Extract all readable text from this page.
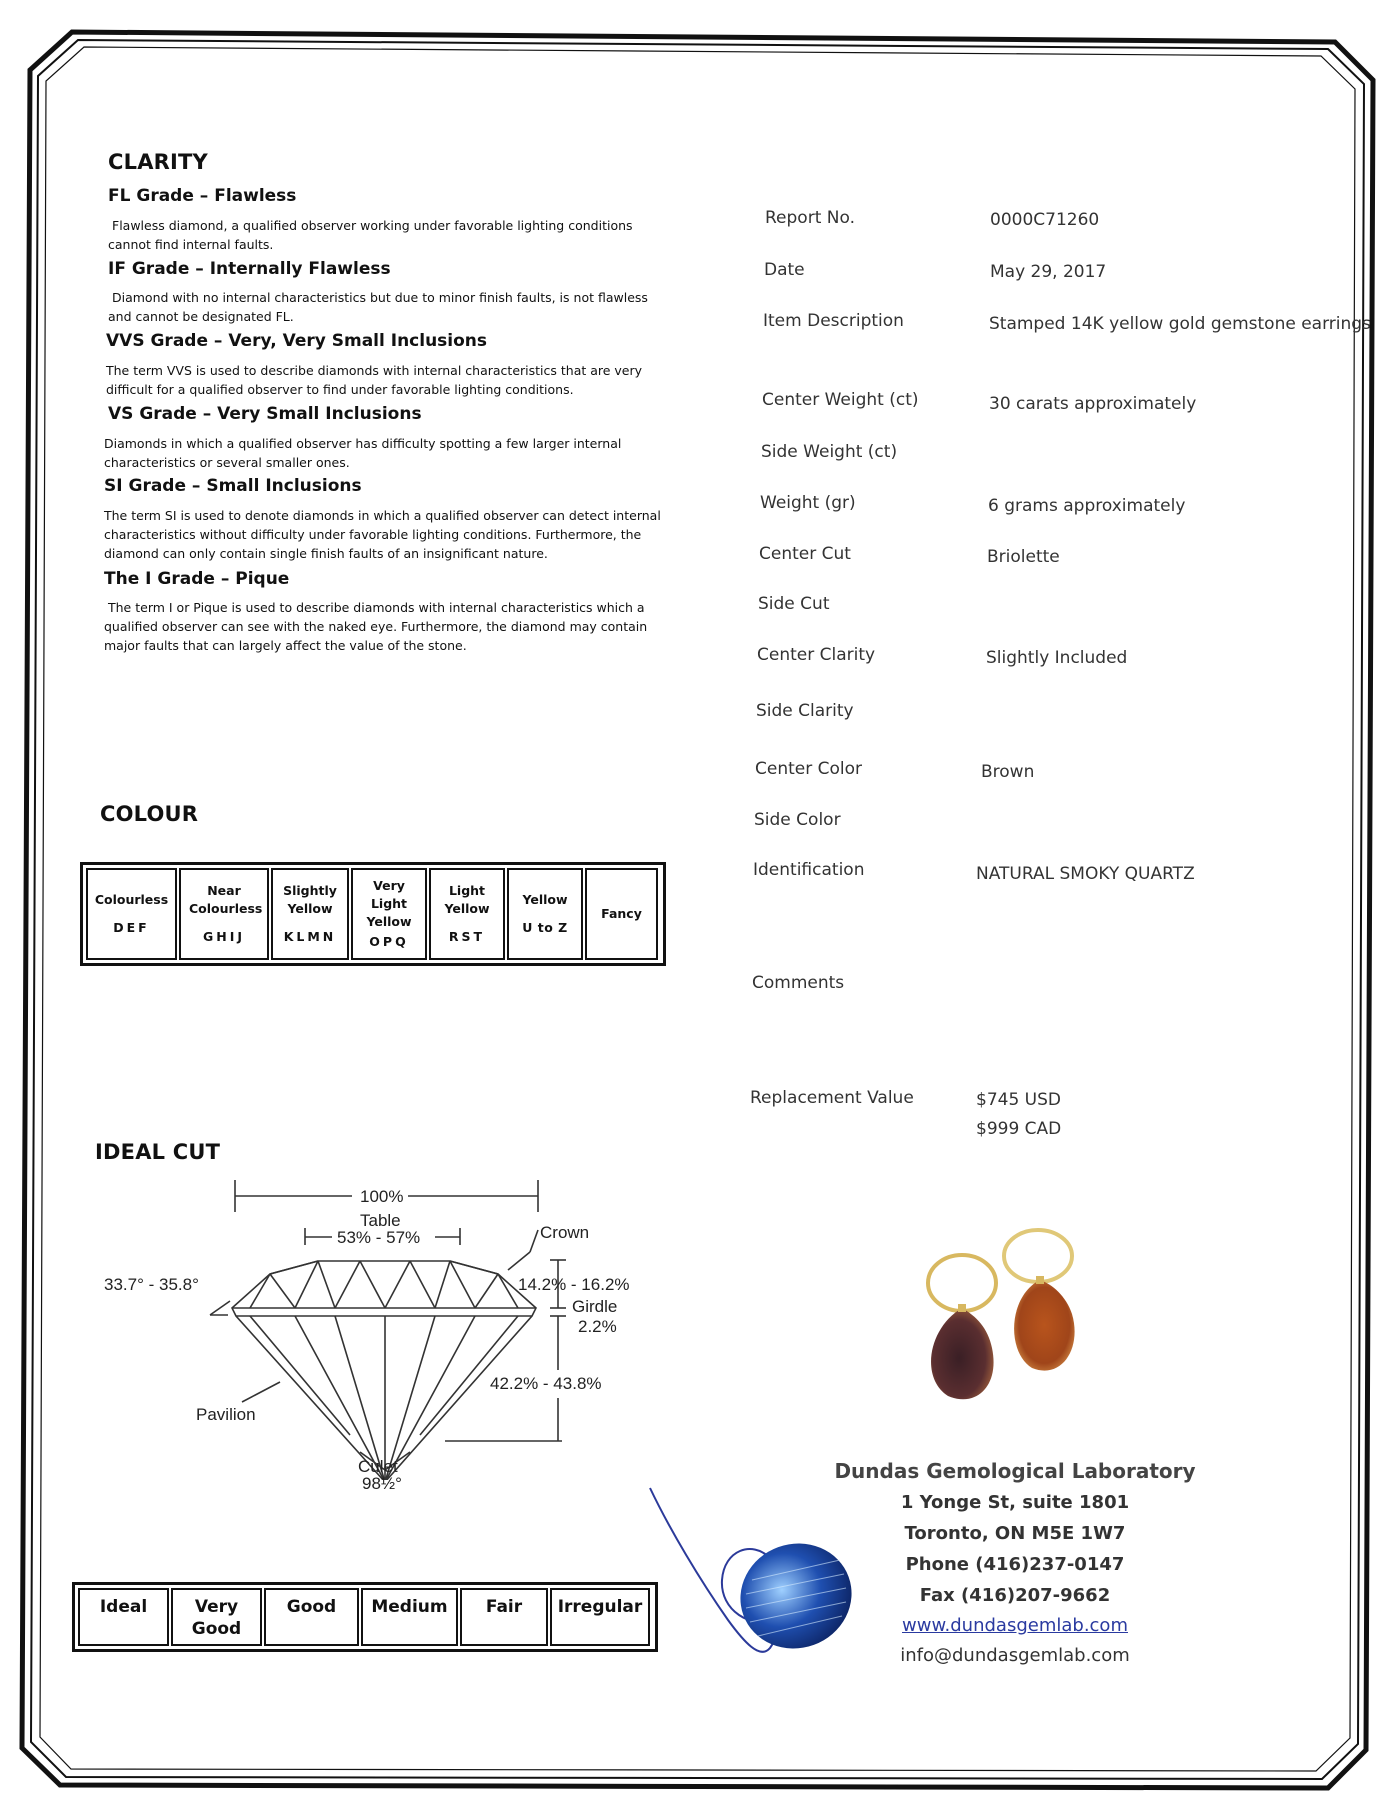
CLARITY
FL Grade – Flawless
Flawless diamond, a qualified observer working under favorable lighting conditions cannot find internal faults.
IF Grade – Internally Flawless
Diamond with no internal characteristics but due to minor finish faults, is not flawless and cannot be designated FL.
VVS Grade – Very, Very Small Inclusions
The term VVS is used to describe diamonds with internal characteristics that are very difficult for a qualified observer to find under favorable lighting conditions.
VS Grade – Very Small Inclusions
Diamonds in which a qualified observer has difficulty spotting a few larger internal characteristics or several smaller ones.
SI Grade – Small Inclusions
The term SI is used to denote diamonds in which a qualified observer can detect internal characteristics without difficulty under favorable lighting conditions. Furthermore, the diamond can only contain single finish faults of an insignificant nature.
The I Grade – Pique
The term I or Pique is used to describe diamonds with internal characteristics which a qualified observer can see with the naked eye. Furthermore, the diamond may contain major faults that can largely affect the value of the stone.
COLOUR
Colourless
DEF
Near Colourless
GHIJ
Slightly Yellow
KLMN
Very Light Yellow
OPQ
Light Yellow
RST
Yellow
U to Z
Fancy
IDEAL CUT
100%
Table
53% - 57%	Crown
33.7° - 35.8°	14.2% - 16.2%
Girdle
2.2%
42.2% - 43.8%
Pavilion
Culet
98½°
Ideal	Very Good
Good Medium Fair Irregular
Report No.	0000C71260
Date	May 29, 2017
Item Description	Stamped 14K yellow gold gemstone earrings
Center Weight (ct)	30 carats approximately
Side Weight (ct)
Weight (gr)	6 grams approximately
Center Cut	Briolette
Side Cut
Center Clarity	Slightly Included
Side Clarity
Center Color	Brown
Side Color
Identification	NATURAL SMOKY QUARTZ
Comments
Replacement Value	$745 USD
$999 CAD
Dundas Gemological Laboratory
1 Yonge St, suite 1801
Toronto, ON M5E 1W7
Phone (416)237-0147
Fax (416)207-9662
www.dundasgemlab.com
info@dundasgemlab.com
